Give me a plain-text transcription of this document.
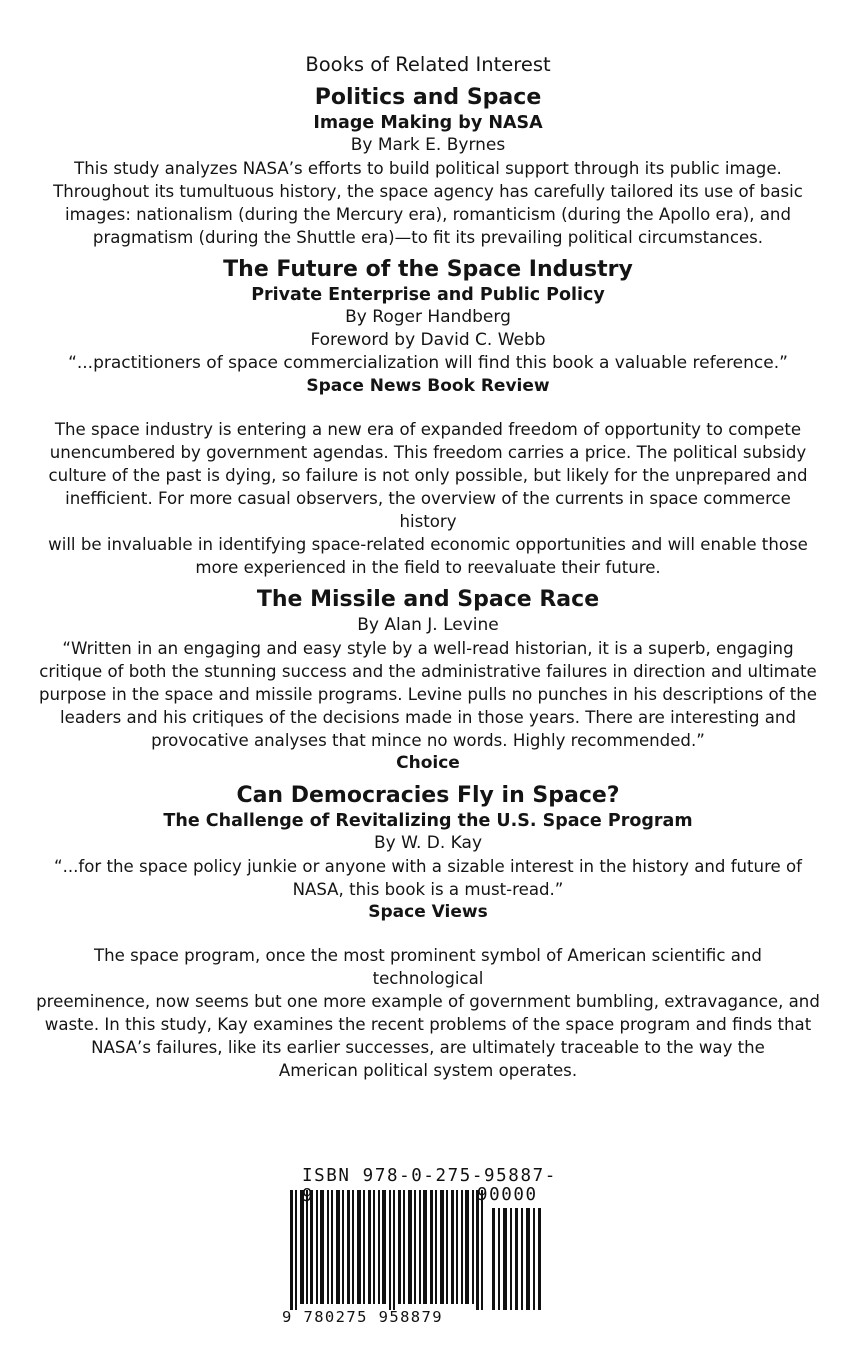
Books of Related Interest
Politics and Space
Image Making by NASA
By Mark E. Byrnes
This study analyzes NASA’s efforts to build political support through its public image.
Throughout its tumultuous history, the space agency has carefully tailored its use of basic
images: nationalism (during the Mercury era), romanticism (during the Apollo era), and
pragmatism (during the Shuttle era)—to fit its prevailing political circumstances.
The Future of the Space Industry
Private Enterprise and Public Policy
By Roger Handberg
Foreword by David C. Webb
“...practitioners of space commercialization will find this book a valuable reference.”
Space News Book Review
The space industry is entering a new era of expanded freedom of opportunity to compete
unencumbered by government agendas. This freedom carries a price. The political subsidy
culture of the past is dying, so failure is not only possible, but likely for the unprepared and
inefficient. For more casual observers, the overview of the currents in space commerce history
will be invaluable in identifying space-related economic opportunities and will enable those
more experienced in the field to reevaluate their future.
The Missile and Space Race
By Alan J. Levine
“Written in an engaging and easy style by a well-read historian, it is a superb, engaging
critique of both the stunning success and the administrative failures in direction and ultimate
purpose in the space and missile programs. Levine pulls no punches in his descriptions of the
leaders and his critiques of the decisions made in those years. There are interesting and
provocative analyses that mince no words. Highly recommended.”
Choice
Can Democracies Fly in Space?
The Challenge of Revitalizing the U.S. Space Program
By W. D. Kay
“...for the space policy junkie or anyone with a sizable interest in the history and future of
NASA, this book is a must-read.”
Space Views
The space program, once the most prominent symbol of American scientific and technological
preeminence, now seems but one more example of government bumbling, extravagance, and
waste. In this study, Kay examines the recent problems of the space program and finds that
NASA’s failures, like its earlier successes, are ultimately traceable to the way the
American political system operates.
ISBN 978-0-275-95887-9	90000
9 780275 958879
